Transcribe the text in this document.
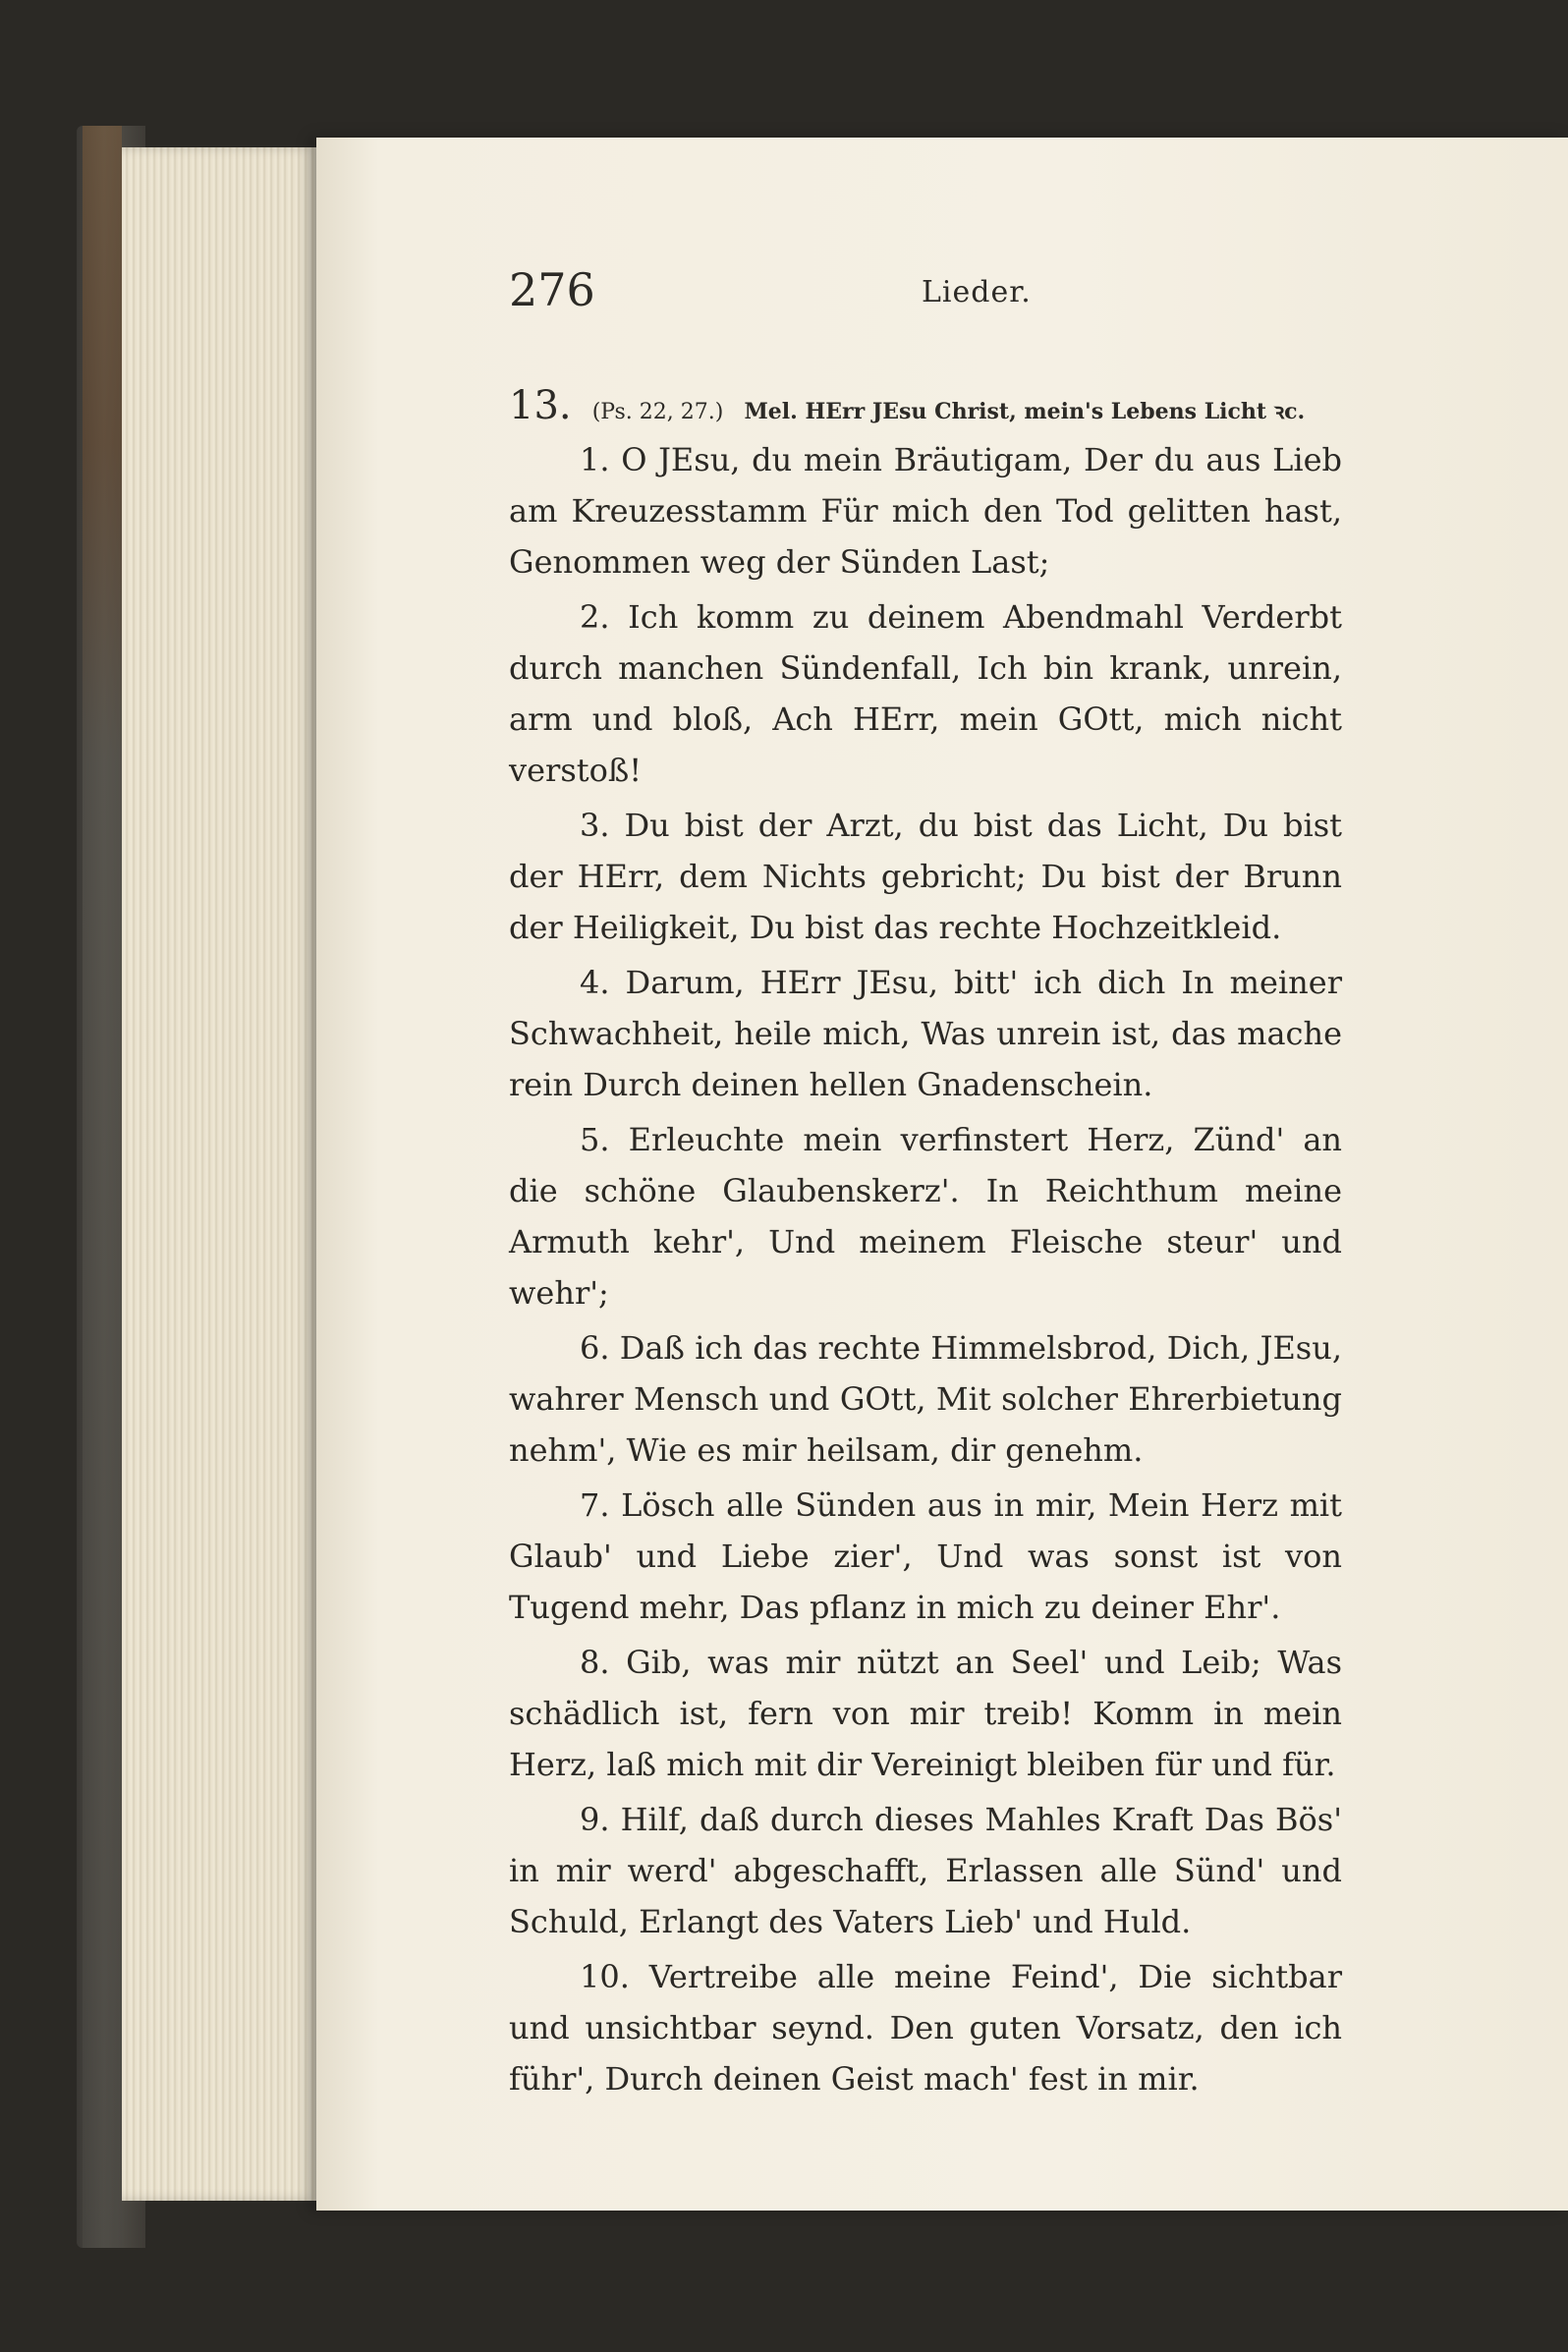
276	Lieder.
13. (Ps. 22, 27.) Mel. HErr JEsu Christ, mein's Lebens Licht ꝛc.

1. O JEsu, du mein Bräutigam, Der du aus Lieb am Kreuzesstamm Für mich den Tod gelitten hast, Genommen weg der Sünden Last;

2. Ich komm zu deinem Abendmahl Verderbt durch manchen Sündenfall, Ich bin krank, unrein, arm und bloß, Ach HErr, mein GOtt, mich nicht verstoß!

3. Du bist der Arzt, du bist das Licht, Du bist der HErr, dem Nichts gebricht; Du bist der Brunn der Heiligkeit, Du bist das rechte Hochzeitkleid.

4. Darum, HErr JEsu, bitt' ich dich In meiner Schwachheit, heile mich, Was unrein ist, das mache rein Durch deinen hellen Gnadenschein.

5. Erleuchte mein verfinstert Herz, Zünd' an die schöne Glaubenskerz'. In Reichthum meine Armuth kehr', Und meinem Fleische steur' und wehr';

6. Daß ich das rechte Himmelsbrod, Dich, JEsu, wahrer Mensch und GOtt, Mit solcher Ehrerbietung nehm', Wie es mir heilsam, dir genehm.

7. Lösch alle Sünden aus in mir, Mein Herz mit Glaub' und Liebe zier', Und was sonst ist von Tugend mehr, Das pflanz in mich zu deiner Ehr'.

8. Gib, was mir nützt an Seel' und Leib; Was schädlich ist, fern von mir treib! Komm in mein Herz, laß mich mit dir Vereinigt bleiben für und für.

9. Hilf, daß durch dieses Mahles Kraft Das Bös' in mir werd' abgeschafft, Erlassen alle Sünd' und Schuld, Erlangt des Vaters Lieb' und Huld.

10. Vertreibe alle meine Feind', Die sichtbar und unsichtbar seynd. Den guten Vorsatz, den ich führ', Durch deinen Geist mach' fest in mir.
